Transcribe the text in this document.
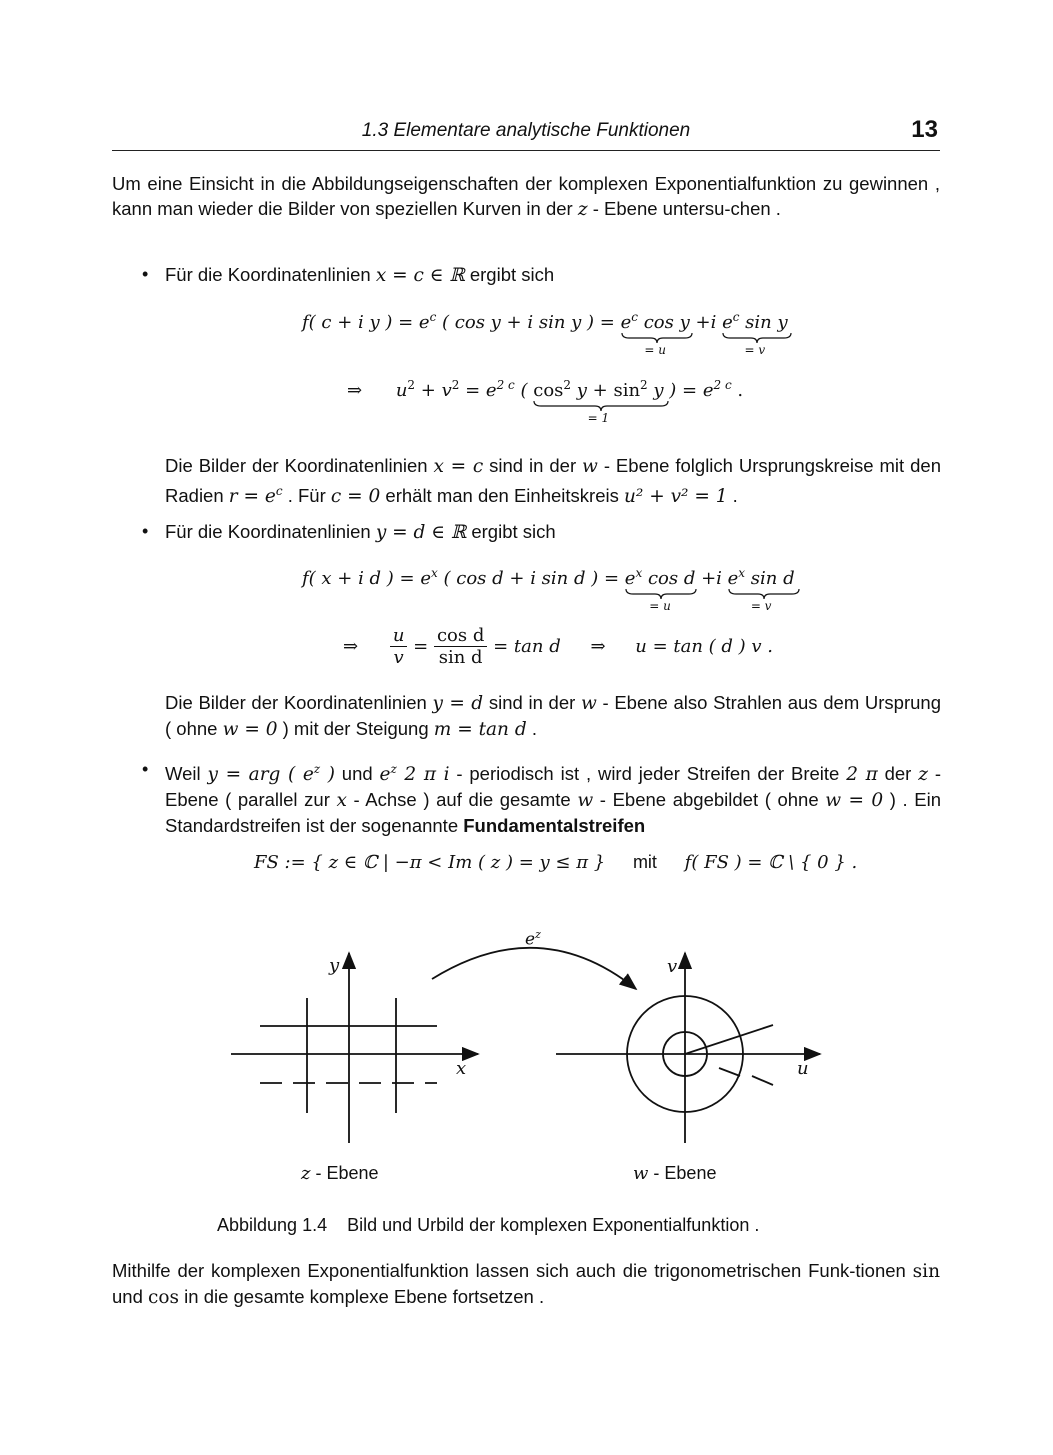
1.3 Elementare analytische Funktionen	13
Um eine Einsicht in die Abbildungseigenschaften der komplexen Exponentialfunktion zu gewinnen , kann man wieder die Bilder von speziellen Kurven in der z - Ebene untersu-chen .
• Für die Koordinatenlinien x = c ∈ ℝ ergibt sich
f( c + i y ) = $e^c$ ( cos y + i sin y ) = $e^c$ cos y
= u
+i $e^c$ sin y
= v
⇒ $u^2 + v^2 = e^{2 c}$ ( $\cos^2 y + \sin^2 y$
= 1
) = $e^{2 c}$ .
Die Bilder der Koordinatenlinien x = c sind in der w - Ebene folglich Ursprungskreise mit den Radien $r = e^c$ . Für c = 0 erhält man den Einheitskreis u² + v² = 1 .
• Für die Koordinatenlinien y = d ∈ ℝ ergibt sich
f( x + i d ) = $e^x$ ( cos d + i sin d ) = $e^x$ cos d
= u
+i $e^x$ sin d
= v
⇒ $\frac{u}{v} = \frac{\text{cos d}}{\text{sin d}} = \tan d$ ⇒ u = tan ( d ) v .
Die Bilder der Koordinatenlinien y = d sind in der w - Ebene also Strahlen aus dem Ursprung ( ohne w = 0 ) mit der Steigung m = tan d .
• Weil y = arg ( $e^z$ ) und $e^z$ 2 π i - periodisch ist , wird jeder Streifen der Breite 2 π der z - Ebene ( parallel zur x - Achse ) auf die gesamte w - Ebene abgebildet ( ohne w = 0 ) . Ein Standardstreifen ist der sogenannte Fundamentalstreifen
FS := { z ∈ ℂ | −π < Im ( z ) = y ≤ π } mit f( FS ) = ℂ \ { 0 } .
$e^z$
y
x
v
u
z - Ebene	w - Ebene
Abbildung 1.4    Bild und Urbild der komplexen Exponentialfunktion .
Mithilfe der komplexen Exponentialfunktion lassen sich auch die trigonometrischen Funk-tionen sin und cos in die gesamte komplexe Ebene fortsetzen .
